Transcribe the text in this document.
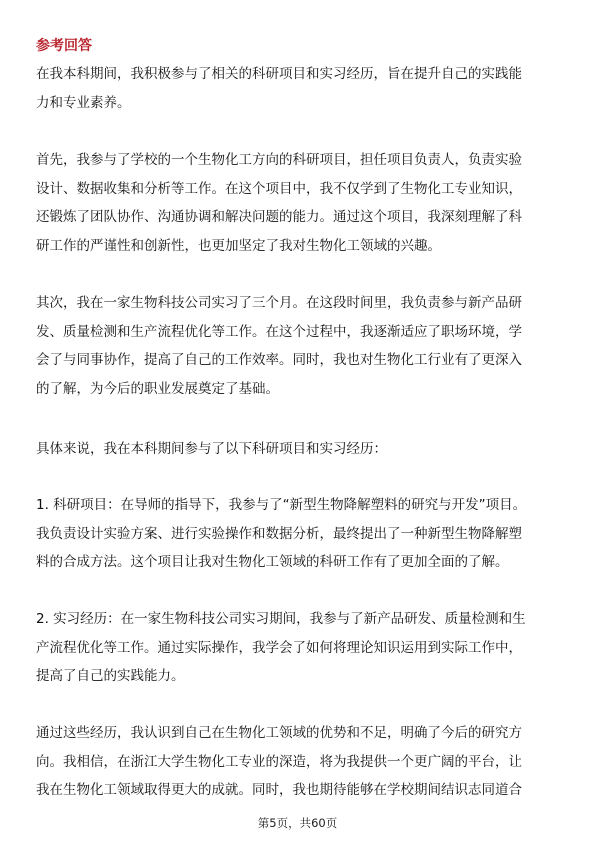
参考回答
在我本科期间，我积极参与了相关的科研项目和实习经历，旨在提升自己的实践能
力和专业素养。
首先，我参与了学校的一个生物化工方向的科研项目，担任项目负责人，负责实验
设计、数据收集和分析等工作。在这个项目中，我不仅学到了生物化工专业知识，
还锻炼了团队协作、沟通协调和解决问题的能力。通过这个项目，我深刻理解了科
研工作的严谨性和创新性，也更加坚定了我对生物化工领域的兴趣。
其次，我在一家生物科技公司实习了三个月。在这段时间里，我负责参与新产品研
发、质量检测和生产流程优化等工作。在这个过程中，我逐渐适应了职场环境，学
会了与同事协作，提高了自己的工作效率。同时，我也对生物化工行业有了更深入
的了解，为今后的职业发展奠定了基础。
具体来说，我在本科期间参与了以下科研项目和实习经历：
1. 科研项目：在导师的指导下，我参与了“新型生物降解塑料的研究与开发”项目。
我负责设计实验方案、进行实验操作和数据分析，最终提出了一种新型生物降解塑
料的合成方法。这个项目让我对生物化工领域的科研工作有了更加全面的了解。
2. 实习经历：在一家生物科技公司实习期间，我参与了新产品研发、质量检测和生
产流程优化等工作。通过实际操作，我学会了如何将理论知识运用到实际工作中，
提高了自己的实践能力。
通过这些经历，我认识到自己在生物化工领域的优势和不足，明确了今后的研究方
向。我相信，在浙江大学生物化工专业的深造，将为我提供一个更广阔的平台，让
我在生物化工领域取得更大的成就。同时，我也期待能够在学校期间结识志同道合
第5页，共60页
